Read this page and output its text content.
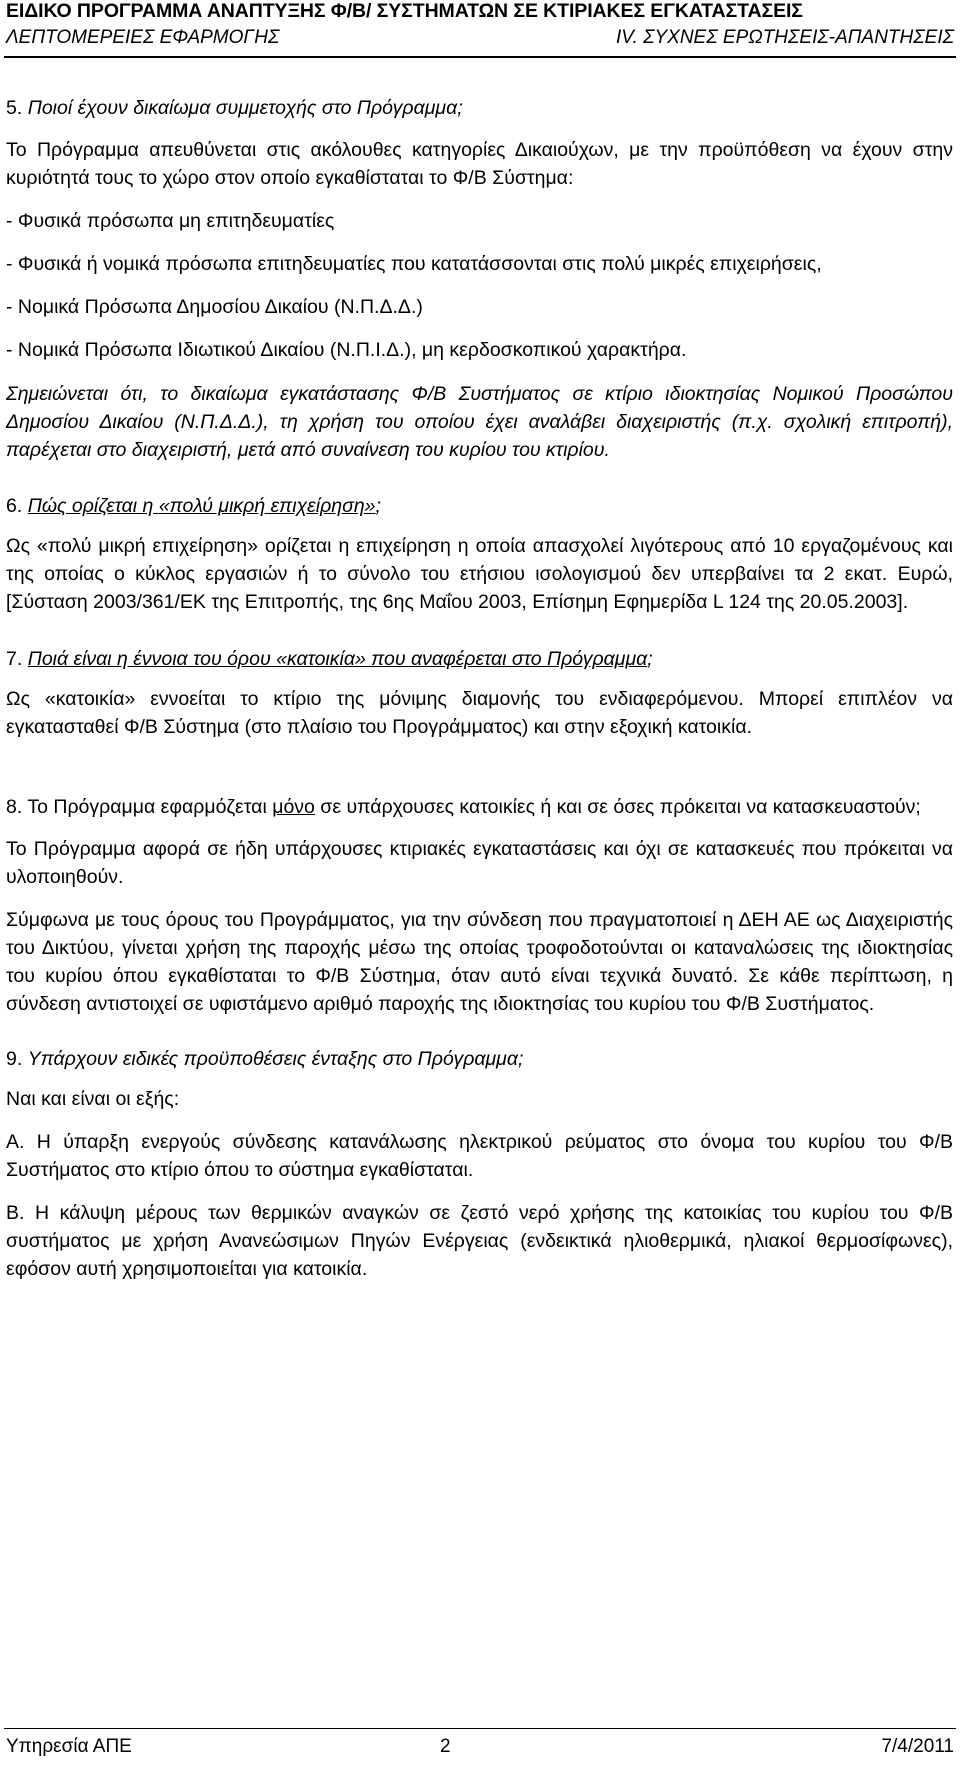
ΕΙΔΙΚΟ ΠΡΟΓΡΑΜΜΑ ΑΝΑΠΤΥΞΗΣ Φ/Β/ ΣΥΣΤΗΜΑΤΩΝ ΣΕ ΚΤΙΡΙΑΚΕΣ ΕΓΚΑΤΑΣΤΑΣΕΙΣ
ΛΕΠΤΟΜΕΡΕΙΕΣ ΕΦΑΡΜΟΓΗΣ	IV. ΣΥΧΝΕΣ ΕΡΩΤΗΣΕΙΣ-ΑΠΑΝΤΗΣΕΙΣ
5. Ποιοί έχουν δικαίωμα συμμετοχής στο Πρόγραμμα;

Το Πρόγραμμα απευθύνεται στις ακόλουθες κατηγορίες Δικαιούχων, με την προϋπόθεση να έχουν στην κυριότητά τους το χώρο στον οποίο εγκαθίσταται το Φ/Β Σύστημα:

- Φυσικά πρόσωπα μη επιτηδευματίες
- Φυσικά ή νομικά πρόσωπα επιτηδευματίες που κατατάσσονται στις πολύ μικρές επιχειρήσεις,
- Νομικά Πρόσωπα Δημοσίου Δικαίου (Ν.Π.Δ.Δ.)
- Νομικά Πρόσωπα Ιδιωτικού Δικαίου (Ν.Π.Ι.Δ.), μη κερδοσκοπικού χαρακτήρα.

Σημειώνεται ότι, το δικαίωμα εγκατάστασης Φ/Β Συστήματος σε κτίριο ιδιοκτησίας Νομικού Προσώπου Δημοσίου Δικαίου (Ν.Π.Δ.Δ.), τη χρήση του οποίου έχει αναλάβει διαχειριστής (π.χ. σχολική επιτροπή), παρέχεται στο διαχειριστή, μετά από συναίνεση του κυρίου του κτιρίου.

6. Πώς ορίζεται η «πολύ μικρή επιχείρηση»;

Ως «πολύ μικρή επιχείρηση» ορίζεται η επιχείρηση η οποία απασχολεί λιγότερους από 10 εργαζομένους και της οποίας ο κύκλος εργασιών ή το σύνολο του ετήσιου ισολογισμού δεν υπερβαίνει τα 2 εκατ. Ευρώ, [Σύσταση 2003/361/ΕΚ της Επιτροπής, της 6ης Μαΐου 2003, Επίσημη Εφημερίδα L 124 της 20.05.2003].

7. Ποιά είναι η έννοια του όρου «κατοικία» που αναφέρεται στο Πρόγραμμα;

Ως «κατοικία» εννοείται το κτίριο της μόνιμης διαμονής του ενδιαφερόμενου. Μπορεί επιπλέον να εγκατασταθεί Φ/Β Σύστημα (στο πλαίσιο του Προγράμματος) και στην εξοχική κατοικία.

8. Το Πρόγραμμα εφαρμόζεται μόνο σε υπάρχουσες κατοικίες ή και σε όσες πρόκειται να κατασκευαστούν;

Το Πρόγραμμα αφορά σε ήδη υπάρχουσες κτιριακές εγκαταστάσεις και όχι σε κατασκευές που πρόκειται να υλοποιηθούν.

Σύμφωνα με τους όρους του Προγράμματος, για την σύνδεση που πραγματοποιεί η ΔΕΗ ΑΕ ως Διαχειριστής του Δικτύου, γίνεται χρήση της παροχής μέσω της οποίας τροφοδοτούνται οι καταναλώσεις της ιδιοκτησίας του κυρίου όπου εγκαθίσταται το Φ/Β Σύστημα, όταν αυτό είναι τεχνικά δυνατό. Σε κάθε περίπτωση, η σύνδεση αντιστοιχεί σε υφιστάμενο αριθμό παροχής της ιδιοκτησίας του κυρίου του Φ/Β Συστήματος.

9. Υπάρχουν ειδικές προϋποθέσεις ένταξης στο Πρόγραμμα;

Ναι και είναι οι εξής:

Α. Η ύπαρξη ενεργούς σύνδεσης κατανάλωσης ηλεκτρικού ρεύματος στο όνομα του κυρίου του Φ/Β Συστήματος στο κτίριο όπου το σύστημα εγκαθίσταται.

Β. Η κάλυψη μέρους των θερμικών αναγκών σε ζεστό νερό χρήσης της κατοικίας του κυρίου του Φ/Β συστήματος με χρήση Ανανεώσιμων Πηγών Ενέργειας (ενδεικτικά ηλιοθερμικά, ηλιακοί θερμοσίφωνες), εφόσον αυτή χρησιμοποιείται για κατοικία.

Υπηρεσία ΑΠΕ	2	7/4/2011
